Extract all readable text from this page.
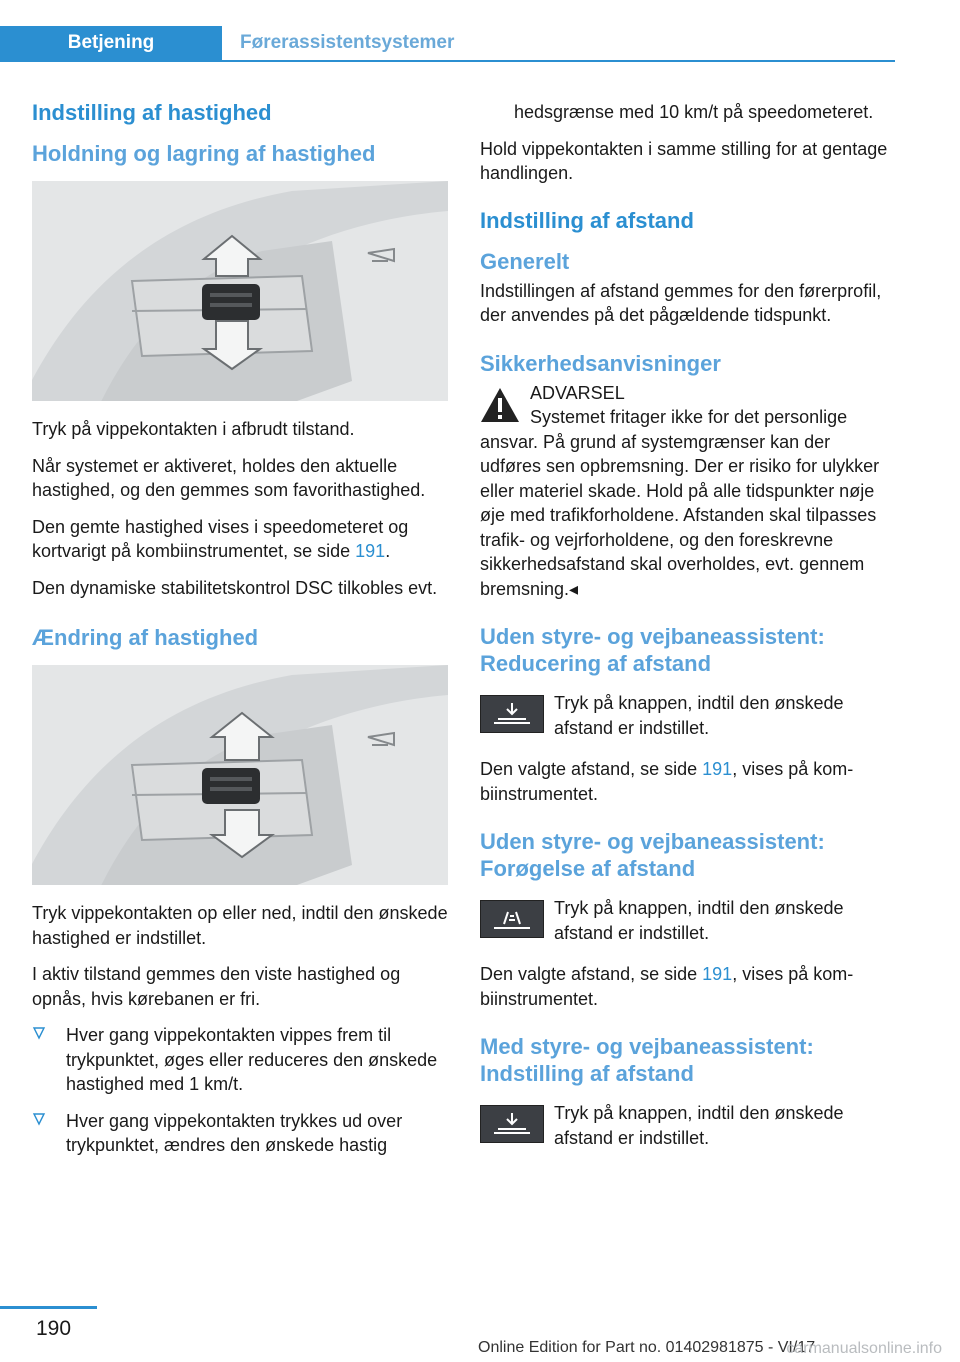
Betjening	Førerassistentsystemer
Indstilling af hastighed
Holdning og lagring af hastighed

Tryk på vippekontakten i afbrudt tilstand.

Når systemet er aktiveret, holdes den aktuelle hastighed, og den gemmes som favorithastighed.

Den gemte hastighed vises i speedometeret og kortvarigt på kombiinstrumentet, se side 191.

Den dynamiske stabilitetskontrol DSC tilkobles evt.

Ændring af hastighed

Tryk vippekontakten op eller ned, indtil den ønskede hastighed er indstillet.

I aktiv tilstand gemmes den viste hastighed og opnås, hvis kørebanen er fri.

Hver gang vippekontakten vippes frem til trykpunktet, øges eller reduceres den ønskede hastighed med 1 km/t.
Hver gang vippekontakten trykkes ud over trykpunktet, ændres den ønskede hastig

hedsgrænse med 10 km/t på speedometeret.

Hold vippekontakten i samme stilling for at gentage handlingen.

Indstilling af afstand
Generelt

Indstillingen af afstand gemmes for den førerprofil, der anvendes på det pågældende tidspunkt.

Sikkerhedsanvisninger
ADVARSEL
Systemet fritager ikke for det personlige ansvar. På grund af systemgrænser kan der udføres sen opbremsning. Der er risiko for ulykker eller materiel skade. Hold på alle tidspunkter nøje øje med trafikforholdene. Afstanden skal tilpasses trafik- og vejrforholdene, og den foreskrevne sikkerhedsafstand skal overholdes, evt. gennem bremsning.◂
Uden styre- og vejbaneassistent: Reducering af afstand

Tryk på knappen, indtil den ønskede afstand er indstillet.

Den valgte afstand, se side 191, vises på kombiinstrumentet.

Uden styre- og vejbaneassistent: Forøgelse af afstand

Tryk på knappen, indtil den ønskede afstand er indstillet.

Den valgte afstand, se side 191, vises på kombiinstrumentet.

Med styre- og vejbaneassistent: Indstilling af afstand

Tryk på knappen, indtil den ønskede afstand er indstillet.

190
Online Edition for Part no. 01402981875 - VI/17
carmanualsonline.info
